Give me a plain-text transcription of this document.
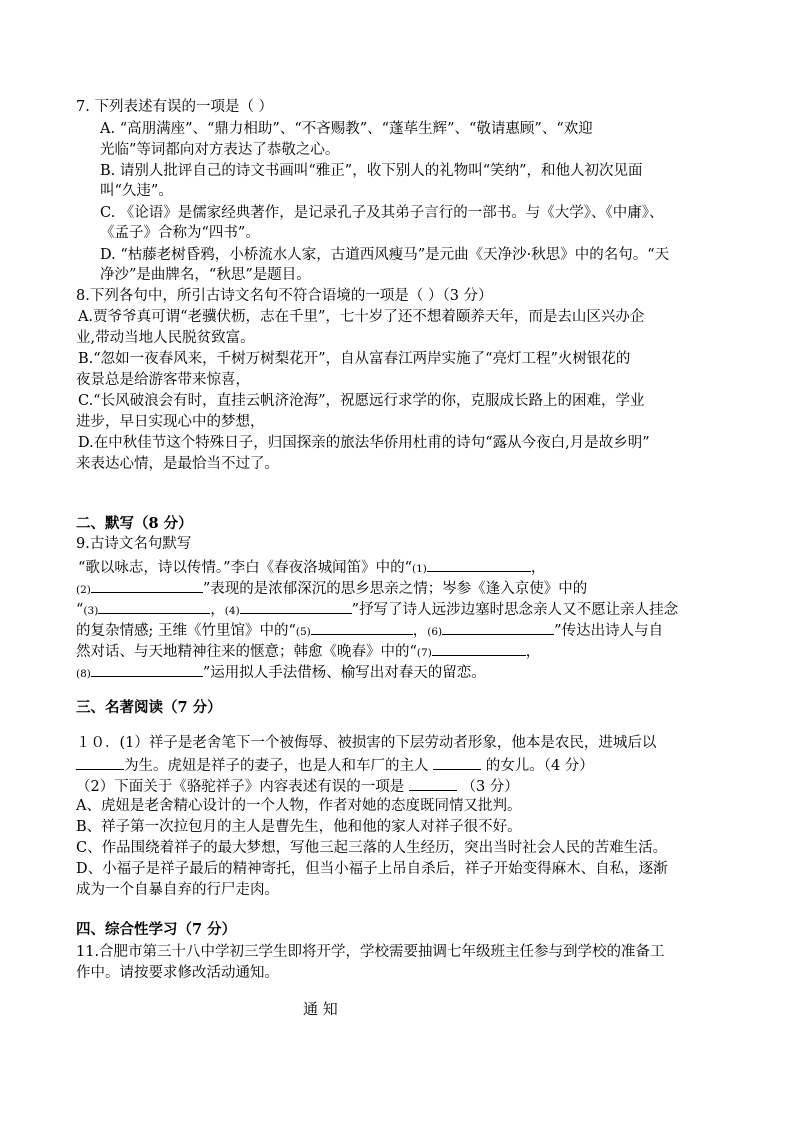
7. 下列表述有误的一项是（ ）
A. “高朋满座”、“鼎力相助”、“不吝赐教”、“蓬荜生辉”、“敬请惠顾”、“欢迎
光临”等词都向对方表达了恭敬之心。
B. 请别人批评自己的诗文书画叫“雅正”，收下别人的礼物叫“笑纳”，和他人初次见面
叫“久违”。
C. 《论语》是儒家经典著作，是记录孔子及其弟子言行的一部书。与《大学》、《中庸》、
《孟子》合称为“四书”。
D. “枯藤老树昏鸦，小桥流水人家，古道西风瘦马”是元曲《天净沙·秋思》中的名句。“天
净沙”是曲牌名，“秋思”是题目。
8.下列各句中，所引古诗文名句不符合语境的一项是（ ）（3 分）
A.贾爷爷真可谓“老骥伏枥，志在千里”，七十岁了还不想着颐养天年，而是去山区兴办企
业,带动当地人民脱贫致富。
B.“忽如一夜春风来，千树万树梨花开”，自从富春江两岸实施了“亮灯工程”火树银花的
夜景总是给游客带来惊喜，
C.“长风破浪会有时，直挂云帆济沧海”，祝愿远行求学的你，克服成长路上的困难，学业
进步，早日实现心中的梦想，
D.在中秋佳节这个特殊日子，归国探亲的旅法华侨用杜甫的诗句“露从今夜白,月是故乡明”
来表达心情，是最恰当不过了。
二、默写（8 分）
9.古诗文名句默写
“歌以咏志，诗以传情。”李白《春夜洛城闻笛》中的“(1)	，
(2)	”表现的是浓郁深沉的思乡思亲之情；岑参《逢入京使》中的
“(3)	，(4)	”抒写了诗人远涉边塞时思念亲人又不愿让亲人挂念
的复杂情感; 王维《竹里馆》中的“(5)	，(6)	”传达出诗人与自
然对话、与天地精神往来的惬意；韩愈《晚春》中的“(7)	，
(8)	”运用拟人手法借杨、榆写出对春天的留恋。
三、名著阅读（7 分）
１０．(1）祥子是老舍笔下一个被侮辱、被损害的下层劳动者形象，他本是农民，进城后以
为生。虎妞是祥子的妻子，也是人和车厂的主人	的女儿。（4 分）
（2）下面关于《骆驼祥子》内容表述有误的一项是	（3 分）
A、虎妞是老舍精心设计的一个人物，作者对她的态度既同情又批判。
B、祥子第一次拉包月的主人是曹先生，他和他的家人对祥子很不好。
C、作品围绕着祥子的最大梦想，写他三起三落的人生经历，突出当时社会人民的苦难生活。
D、小福子是祥子最后的精神寄托，但当小福子上吊自杀后，祥子开始变得麻木、自私，逐渐
成为一个自暴自弃的行尸走肉。
四、综合性学习（7 分）
11.合肥市第三十八中学初三学生即将开学，学校需要抽调七年级班主任参与到学校的准备工
作中。请按要求修改活动通知。
通 知
